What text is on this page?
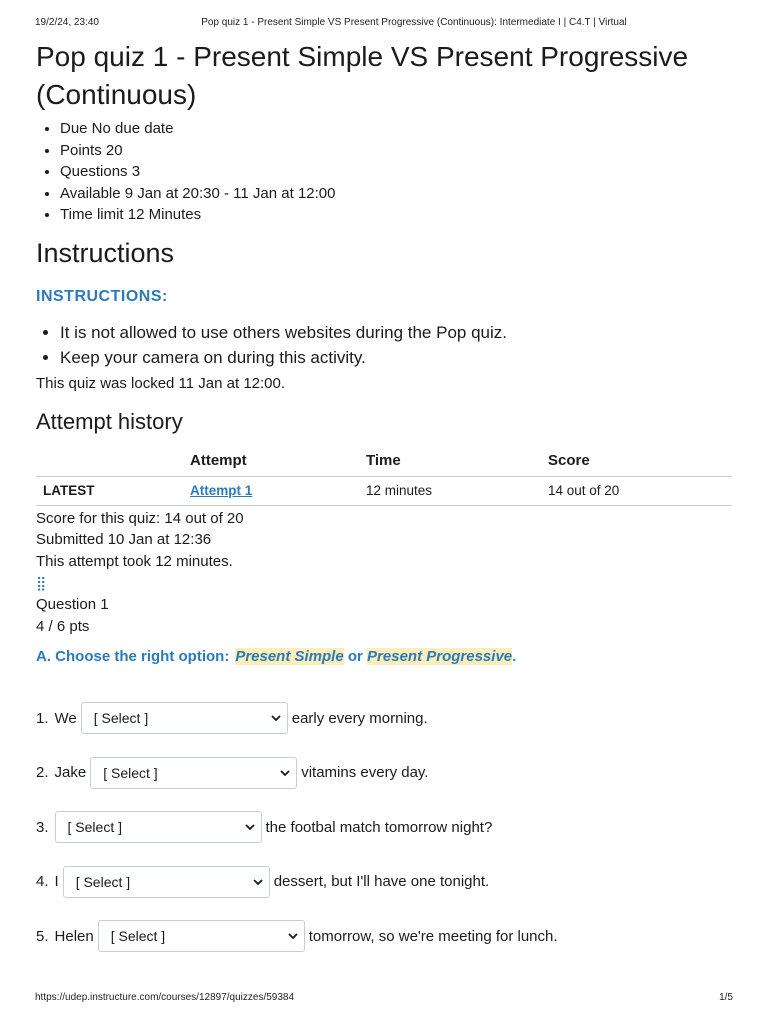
19/2/24, 23:40	Pop quiz 1 - Present Simple VS Present Progressive (Continuous): Intermediate I | C4.T | Virtual
Pop quiz 1 - Present Simple VS Present Progressive (Continuous)
• Due No due date
• Points 20
• Questions 3
• Available 9 Jan at 20:30 - 11 Jan at 12:00
• Time limit 12 Minutes
Instructions
INSTRUCTIONS:
• It is not allowed to use others websites during the Pop quiz.
• Keep your camera on during this activity.
This quiz was locked 11 Jan at 12:00.
Attempt history
	Attempt	Time	Score
LATEST	Attempt 1	12 minutes	14 out of 20
Score for this quiz: 14 out of 20
Submitted 10 Jan at 12:36
This attempt took 12 minutes.
⣿
Question 1
4 / 6 pts
A. Choose the right option: Present Simple or Present Progressive.
1. We [ Select ]	early every morning.
2. Jake [ Select ]	vitamins every day.
3. [ Select ]	the footbal match tomorrow night?
4. I [ Select ]	dessert, but I'll have one tonight.
5. Helen [ Select ]	tomorrow, so we're meeting for lunch.
https://udep.instructure.com/courses/12897/quizzes/59384	1/5
